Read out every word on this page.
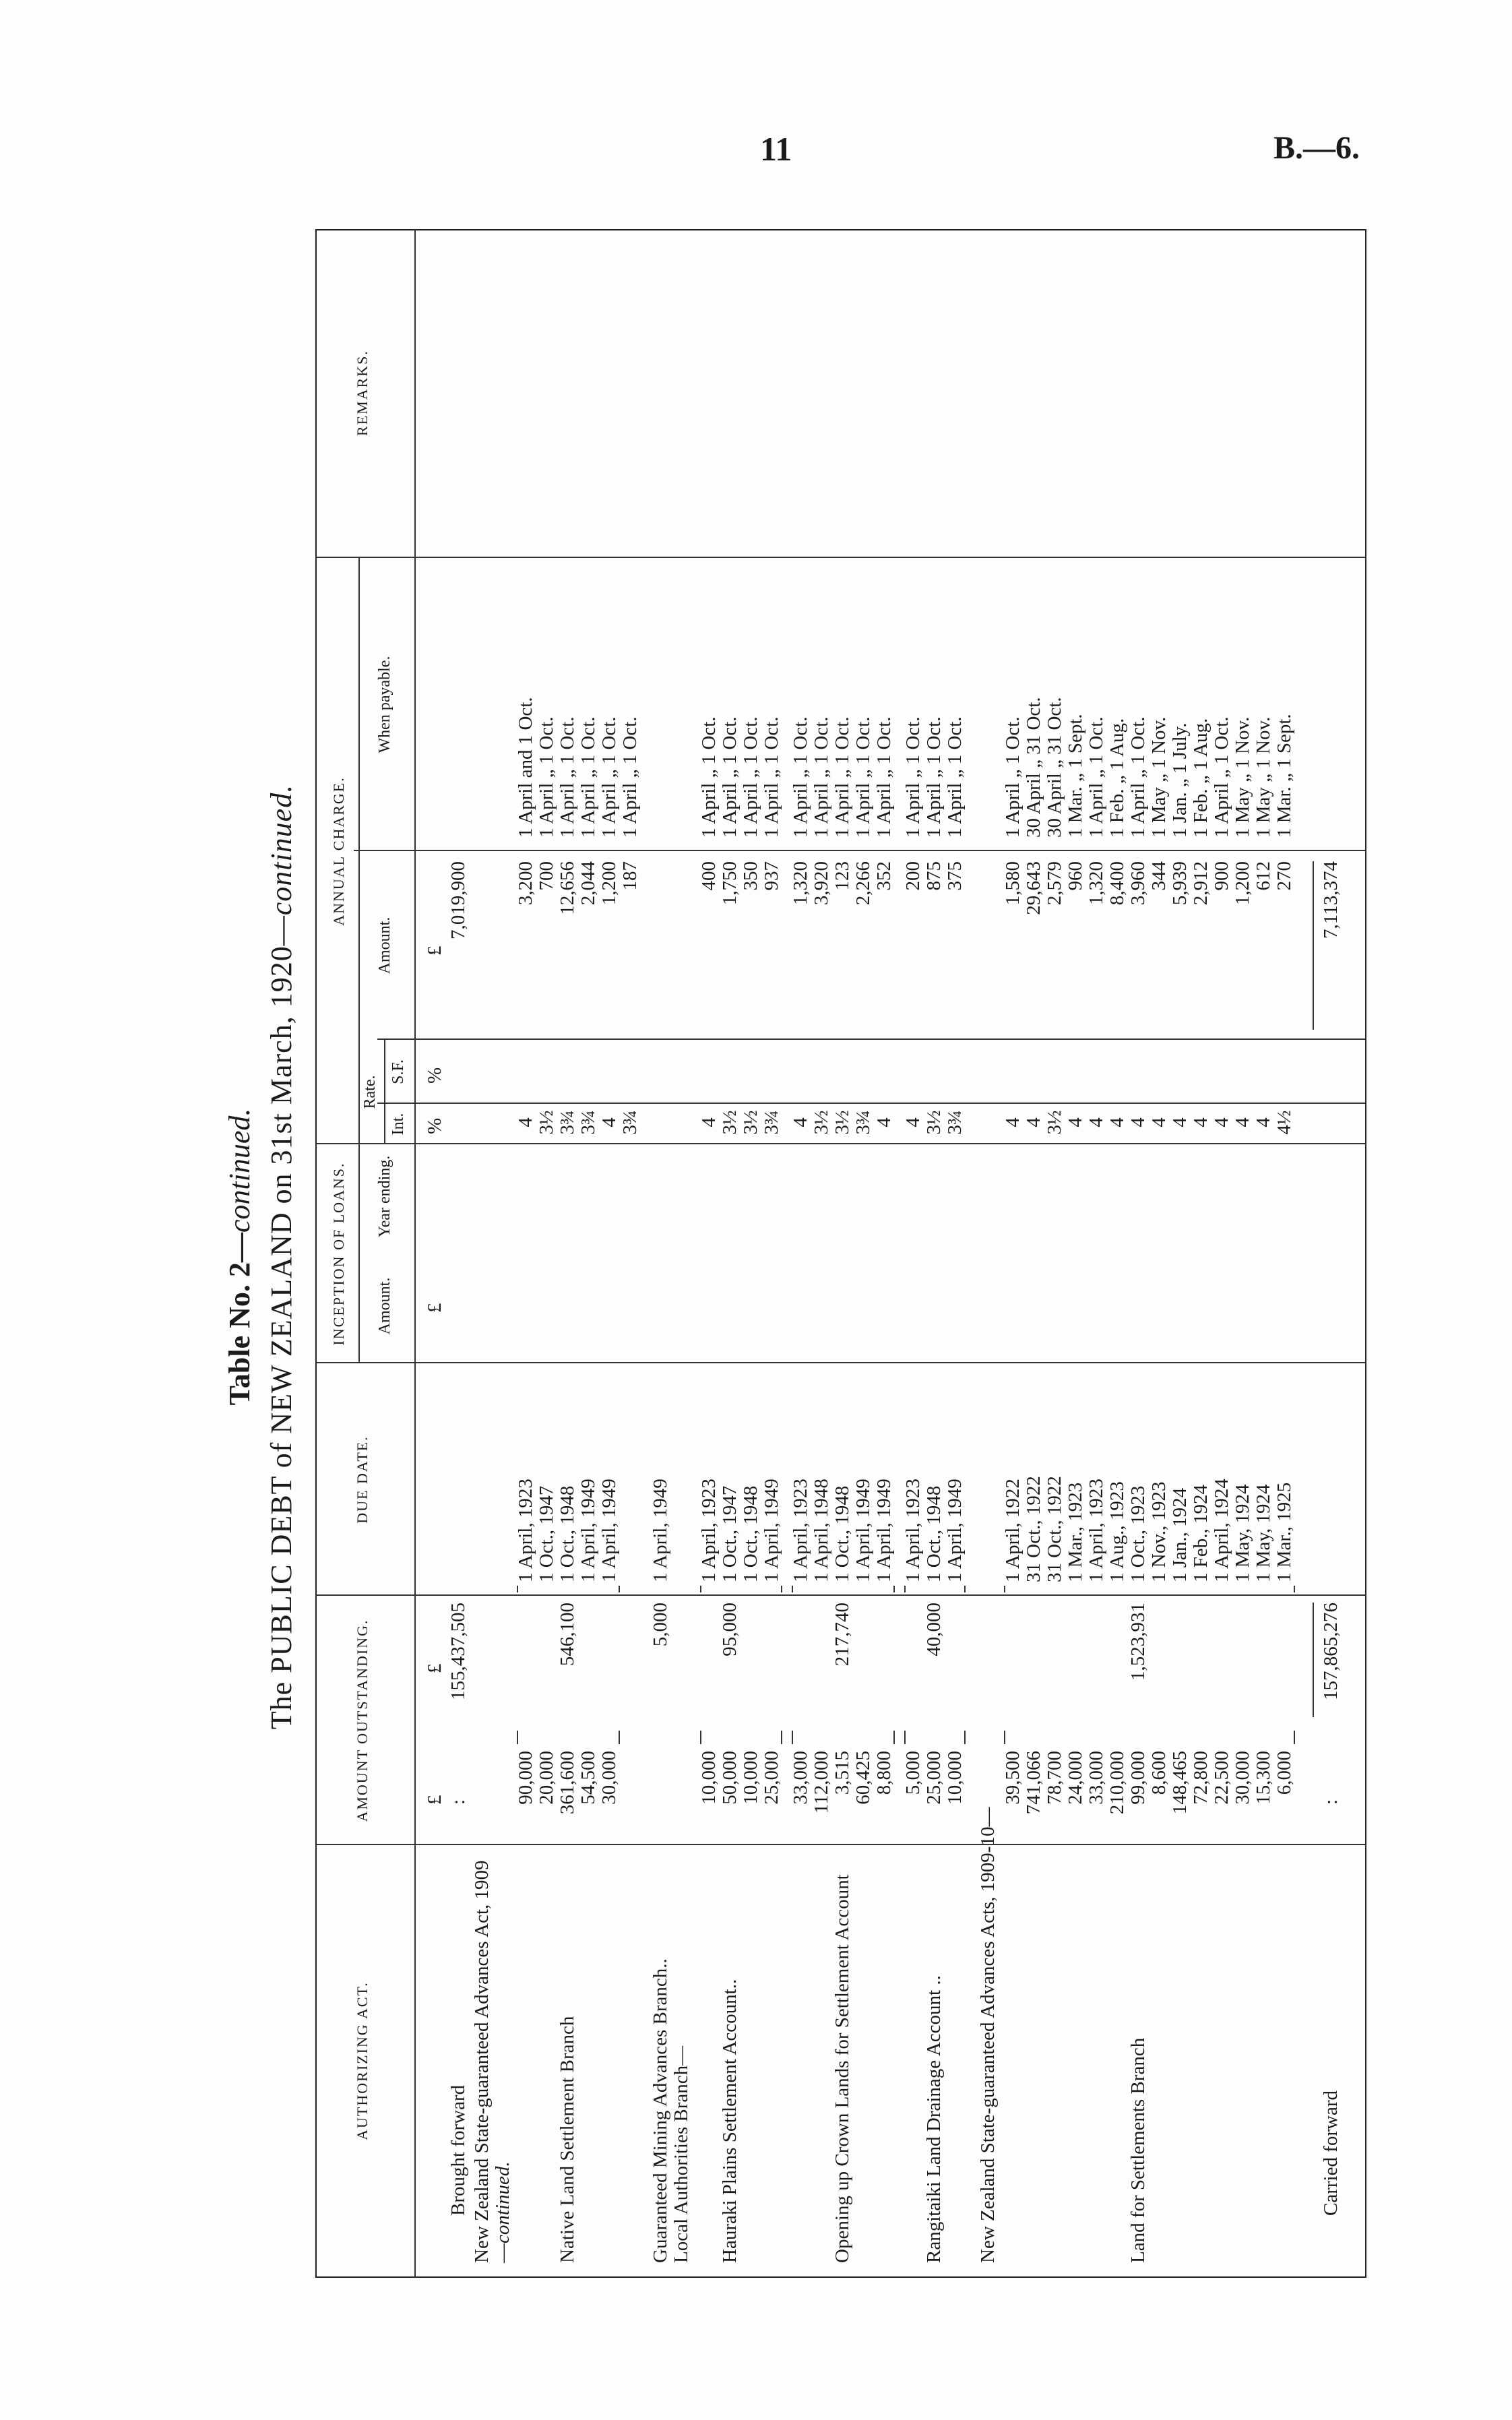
11	B.—6.
Table No. 2—continued. The PUBLIC DEBT of NEW ZEALAND on 31st March, 1920—continued.
AUTHORIZING ACT.
AMOUNT OUTSTANDING.
DUE DATE.
INCEPTION OF LOANS. Amount.
Year ending.
ANNUAL CHARGE.
Rate.
Int.
S.F.
Amount.
When payable.
REMARKS.
£
£
£
%
%
£
Brought forward
155,437,505
:
7,019,900
New Zealand State-guaranteed Advances Act, 1909—continued. Native Land Settlement Branch
90,000 20,000 361,600 54,500 30,000
546,100
1 April, 1923 1 Oct., 1947 1 Oct., 1948 1 April, 1949 1 April, 1949
4 3½ 3¾ 3¾ 4 3¾
3,200 700 12,656 2,044 1,200 187
1 April and 1 Oct. 1 April „ 1 Oct. 1 April „ 1 Oct. 1 April „ 1 Oct. 1 April „ 1 Oct. 1 April „ 1 Oct.
Guaranteed Mining Advances Branch..
5,000
1 April, 1949
Local Authorities Branch— Hauraki Plains Settlement Account..
10,000 50,000 10,000 25,000
95,000
1 April, 1923 1 Oct., 1947 1 Oct., 1948 1 April, 1949
4 3½ 3½ 3¾
400 1,750 350 937
1 April „ 1 Oct. 1 April „ 1 Oct. 1 April „ 1 Oct. 1 April „ 1 Oct.
Opening up Crown Lands for Settlement Account
33,000 112,000 3,515 60,425 8,800
217,740
1 April, 1923 1 April, 1948 1 Oct., 1948 1 April, 1949 1 April, 1949
4 3½ 3½ 3¾ 4
1,320 3,920 123 2,266 352
1 April „ 1 Oct. 1 April „ 1 Oct. 1 April „ 1 Oct. 1 April „ 1 Oct. 1 April „ 1 Oct.
Rangitaiki Land Drainage Account ..
5,000 25,000 10,000
40,000
1 April, 1923 1 Oct., 1948 1 April, 1949
4 3½ 3¾
200 875 375
1 April „ 1 Oct. 1 April „ 1 Oct. 1 April „ 1 Oct.
New Zealand State-guaranteed Advances Acts, 1909-10—	Land for Settlements Branch
39,500 741,066 78,700 24,000 33,000 210,000 99,000 8,600 148,465 72,800 22,500 30,000 15,300 6,000
1,523,931
1 April, 1922 31 Oct., 1922 31 Oct., 1922 1 Mar., 1923 1 April, 1923 1 Aug., 1923 1 Oct., 1923 1 Nov., 1923 1 Jan., 1924 1 Feb., 1924 1 April, 1924 1 May, 1924 1 May, 1924 1 Mar., 1925
4 4 3½ 4 4 4 4 4 4 4 4 4 4 4½
1,580 29,643 2,579 960 1,320 8,400 3,960 344 5,939 2,912 900 1,200 612 270
1 April „ 1 Oct. 30 April „ 31 Oct. 30 April „ 31 Oct. 1 Mar. „ 1 Sept. 1 April „ 1 Oct. 1 Feb. „ 1 Aug. 1 April „ 1 Oct. 1 May „ 1 Nov. 1 Jan. „ 1 July. 1 Feb. „ 1 Aug. 1 April „ 1 Oct. 1 May „ 1 Nov. 1 May „ 1 Nov. 1 Mar. „ 1 Sept.
Carried forward
157,865,276
:
7,113,374
